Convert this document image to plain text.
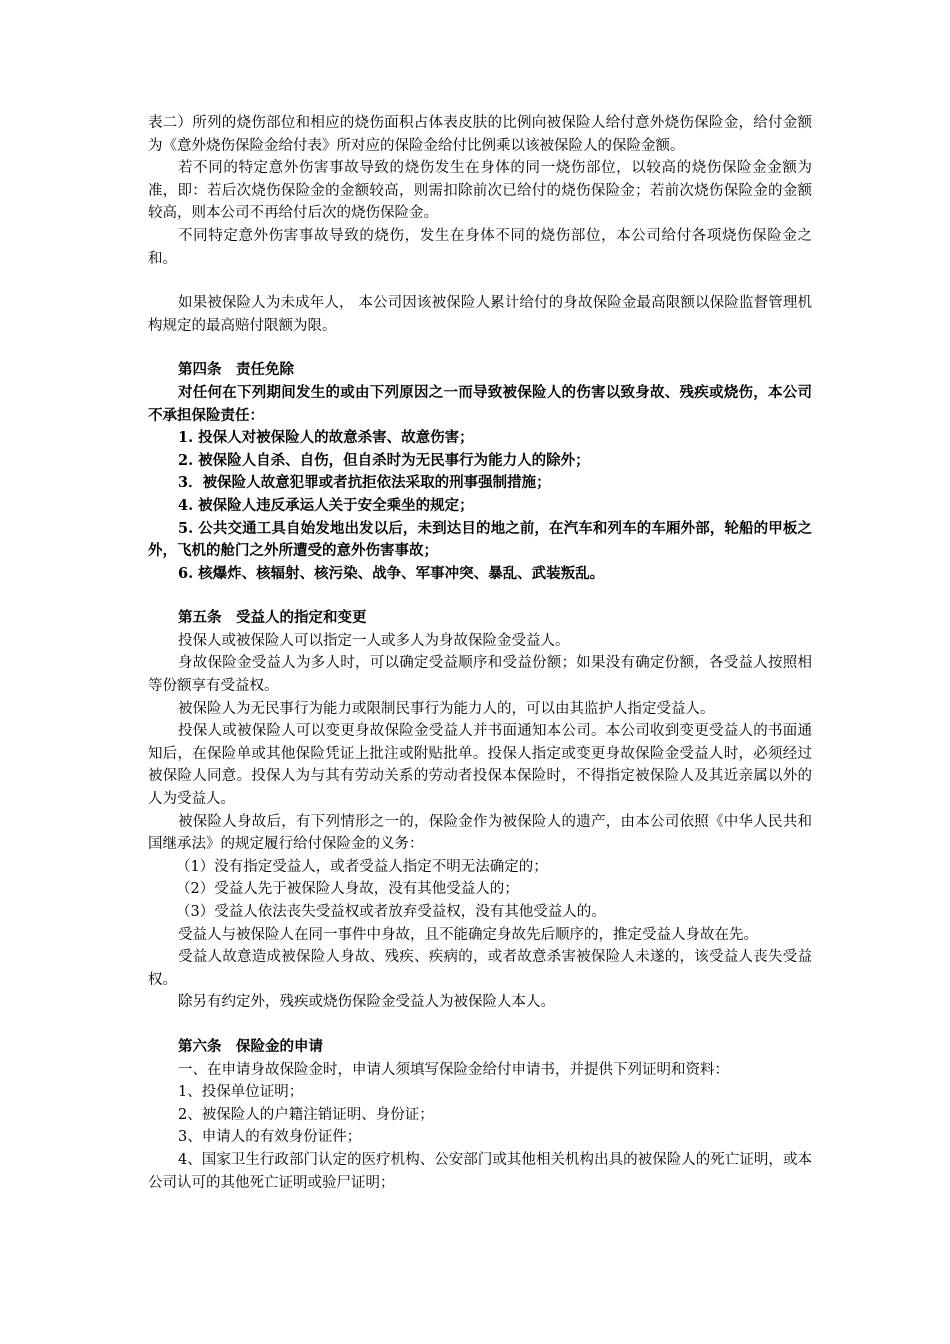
表二）所列的烧伤部位和相应的烧伤面积占体表皮肤的比例向被保险人给付意外烧伤保险金，给付金额为《意外烧伤保险金给付表》所对应的保险金给付比例乘以该被保险人的保险金额。

若不同的特定意外伤害事故导致的烧伤发生在身体的同一烧伤部位，以较高的烧伤保险金金额为准，即：若后次烧伤保险金的金额较高，则需扣除前次已给付的烧伤保险金；若前次烧伤保险金的金额较高，则本公司不再给付后次的烧伤保险金。

不同特定意外伤害事故导致的烧伤，发生在身体不同的烧伤部位，本公司给付各项烧伤保险金之和。

如果被保险人为未成年人， 本公司因该被保险人累计给付的身故保险金最高限额以保险监督管理机构规定的最高赔付限额为限。

第四条　责任免除

对任何在下列期间发生的或由下列原因之一而导致被保险人的伤害以致身故、残疾或烧伤，本公司不承担保险责任：

1. 投保人对被保险人的故意杀害、故意伤害；

2. 被保险人自杀、自伤，但自杀时为无民事行为能力人的除外；

3．被保险人故意犯罪或者抗拒依法采取的刑事强制措施；

4. 被保险人违反承运人关于安全乘坐的规定；

5. 公共交通工具自始发地出发以后，未到达目的地之前，在汽车和列车的车厢外部，轮船的甲板之外，飞机的舱门之外所遭受的意外伤害事故；

6. 核爆炸、核辐射、核污染、战争、军事冲突、暴乱、武装叛乱。

第五条　受益人的指定和变更

投保人或被保险人可以指定一人或多人为身故保险金受益人。

身故保险金受益人为多人时，可以确定受益顺序和受益份额；如果没有确定份额，各受益人按照相等份额享有受益权。

被保险人为无民事行为能力或限制民事行为能力人的，可以由其监护人指定受益人。

投保人或被保险人可以变更身故保险金受益人并书面通知本公司。本公司收到变更受益人的书面通知后，在保险单或其他保险凭证上批注或附贴批单。投保人指定或变更身故保险金受益人时，必须经过被保险人同意。投保人为与其有劳动关系的劳动者投保本保险时，不得指定被保险人及其近亲属以外的人为受益人。

被保险人身故后，有下列情形之一的，保险金作为被保险人的遗产，由本公司依照《中华人民共和国继承法》的规定履行给付保险金的义务：

（1）没有指定受益人，或者受益人指定不明无法确定的；

（2）受益人先于被保险人身故，没有其他受益人的；

（3）受益人依法丧失受益权或者放弃受益权，没有其他受益人的。

受益人与被保险人在同一事件中身故，且不能确定身故先后顺序的，推定受益人身故在先。

受益人故意造成被保险人身故、残疾、疾病的，或者故意杀害被保险人未遂的，该受益人丧失受益权。

除另有约定外，残疾或烧伤保险金受益人为被保险人本人。

第六条　保险金的申请

一、在申请身故保险金时，申请人须填写保险金给付申请书，并提供下列证明和资料：

1、投保单位证明；

2、被保险人的户籍注销证明、身份证；

3、申请人的有效身份证件；

4、国家卫生行政部门认定的医疗机构、公安部门或其他相关机构出具的被保险人的死亡证明，或本公司认可的其他死亡证明或验尸证明；
